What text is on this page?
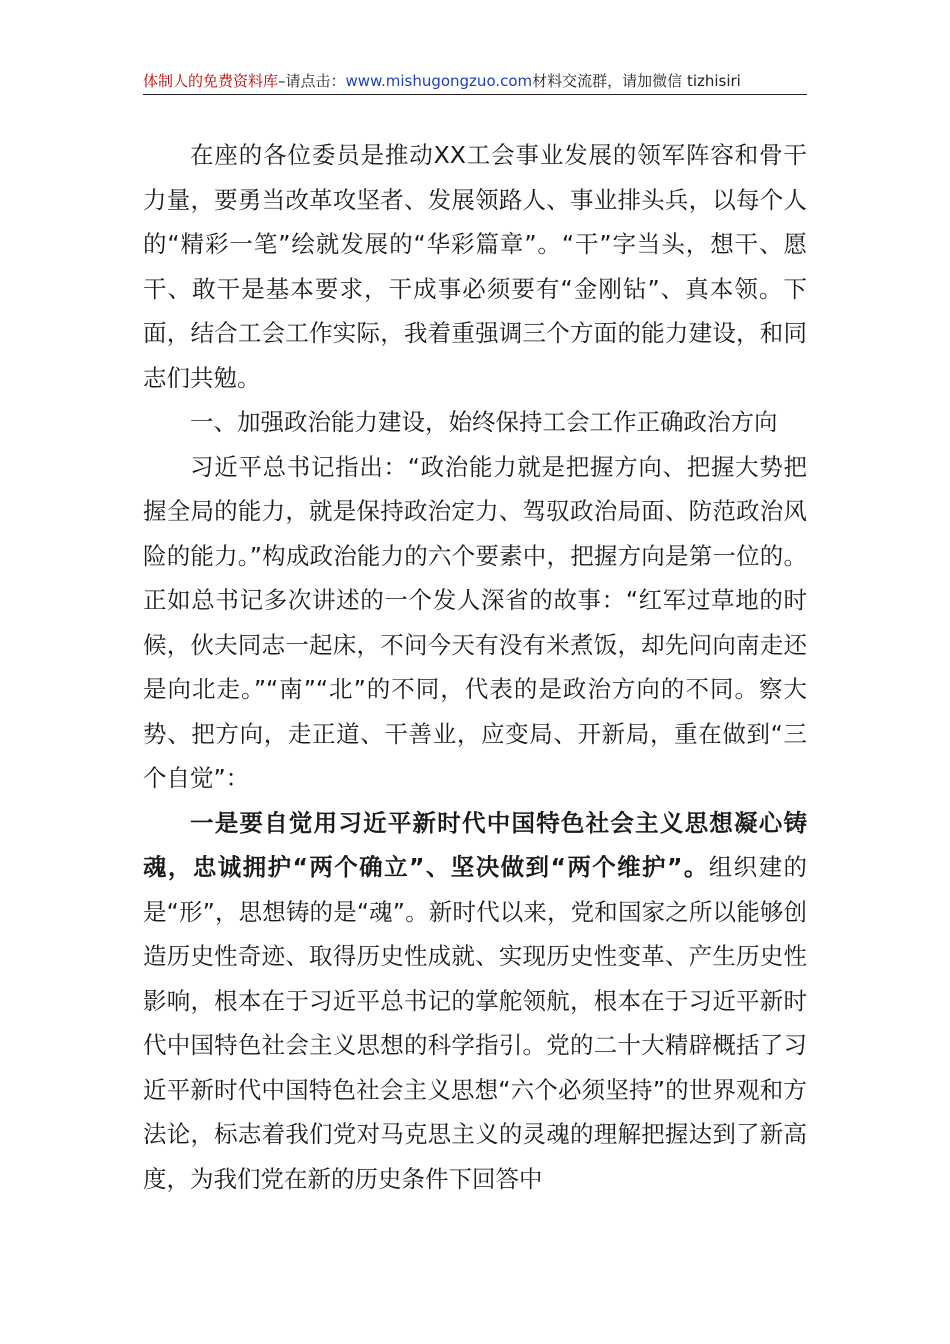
体制人的免费资料库–请点击：www.mishugongzuo.com材料交流群，请加微信 tizhisiri

在座的各位委员是推动XX工会事业发展的领军阵容和骨干力量，要勇当改革攻坚者、发展领路人、事业排头兵，以每个人的“精彩一笔”绘就发展的“华彩篇章”。“干”字当头，想干、愿干、敢干是基本要求，干成事必须要有“金刚钻”、真本领。下面，结合工会工作实际，我着重强调三个方面的能力建设，和同志们共勉。

一、加强政治能力建设，始终保持工会工作正确政治方向

习近平总书记指出：“政治能力就是把握方向、把握大势把握全局的能力，就是保持政治定力、驾驭政治局面、防范政治风险的能力。”构成政治能力的六个要素中，把握方向是第一位的。正如总书记多次讲述的一个发人深省的故事：“红军过草地的时候，伙夫同志一起床，不问今天有没有米煮饭，却先问向南走还是向北走。”“南”“北”的不同，代表的是政治方向的不同。察大势、把方向，走正道、干善业，应变局、开新局，重在做到“三个自觉”：

一是要自觉用习近平新时代中国特色社会主义思想凝心铸魂，忠诚拥护“两个确立”、坚决做到“两个维护”。组织建的是“形”，思想铸的是“魂”。新时代以来，党和国家之所以能够创造历史性奇迹、取得历史性成就、实现历史性变革、产生历史性影响，根本在于习近平总书记的掌舵领航，根本在于习近平新时代中国特色社会主义思想的科学指引。党的二十大精辟概括了习近平新时代中国特色社会主义思想“六个必须坚持”的世界观和方法论，标志着我们党对马克思主义的灵魂的理解把握达到了新高度，为我们党在新的历史条件下回答中
